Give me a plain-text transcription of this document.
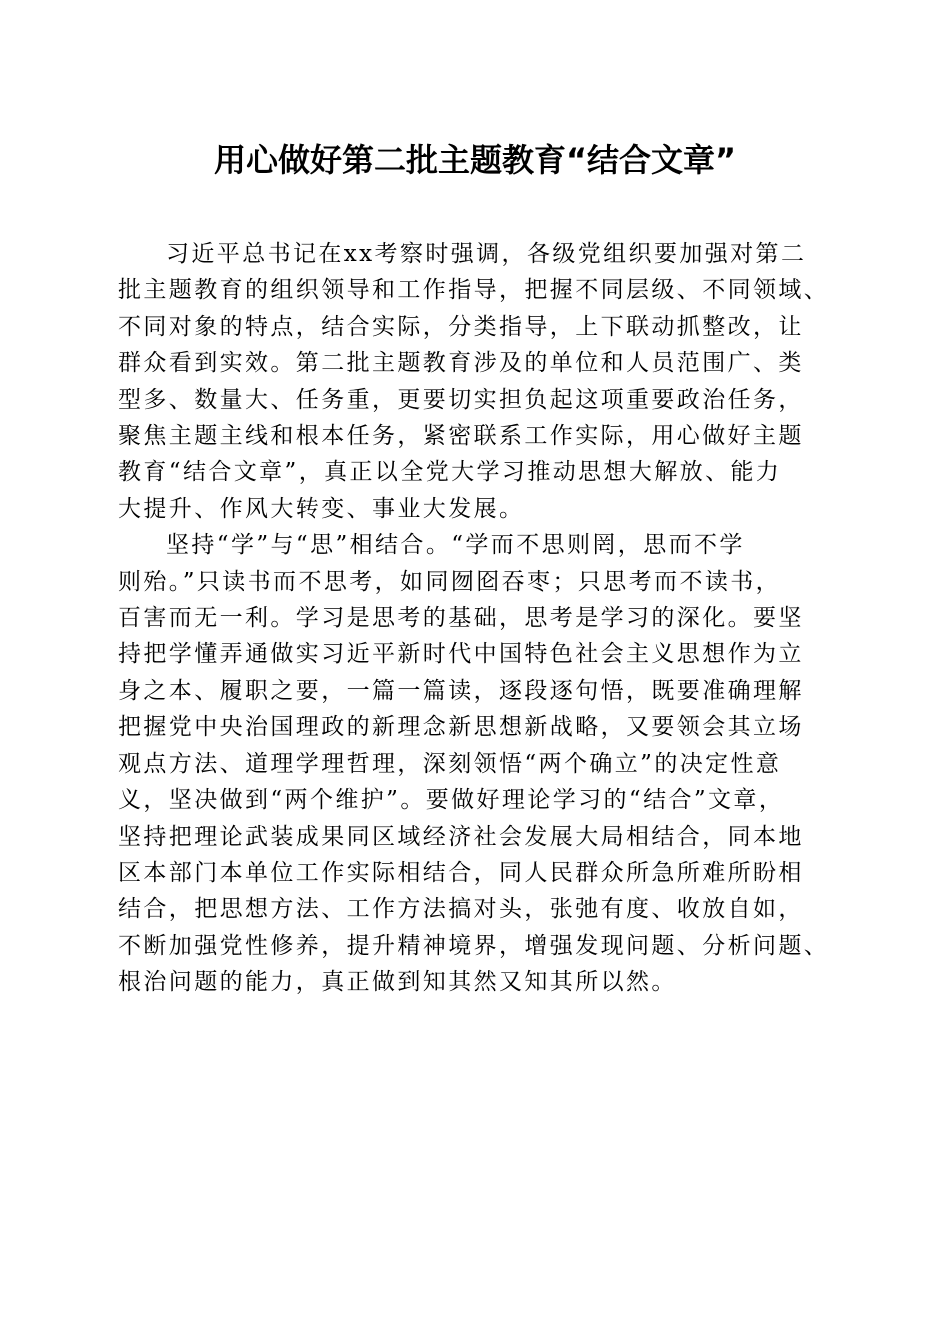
用心做好第二批主题教育“结合文章”

习近平总书记在xx考察时强调，各级党组织要加强对第二
批主题教育的组织领导和工作指导，把握不同层级、不同领域、
不同对象的特点，结合实际，分类指导，上下联动抓整改，让
群众看到实效。第二批主题教育涉及的单位和人员范围广、类
型多、数量大、任务重，更要切实担负起这项重要政治任务，
聚焦主题主线和根本任务，紧密联系工作实际，用心做好主题
教育“结合文章”，真正以全党大学习推动思想大解放、能力
大提升、作风大转变、事业大发展。

坚持“学”与“思”相结合。“学而不思则罔，思而不学
则殆。”只读书而不思考，如同囫囵吞枣；只思考而不读书，
百害而无一利。学习是思考的基础，思考是学习的深化。要坚
持把学懂弄通做实习近平新时代中国特色社会主义思想作为立
身之本、履职之要，一篇一篇读，逐段逐句悟，既要准确理解
把握党中央治国理政的新理念新思想新战略，又要领会其立场
观点方法、道理学理哲理，深刻领悟“两个确立”的决定性意
义，坚决做到“两个维护”。要做好理论学习的“结合”文章，
坚持把理论武装成果同区域经济社会发展大局相结合，同本地
区本部门本单位工作实际相结合，同人民群众所急所难所盼相
结合，把思想方法、工作方法搞对头，张弛有度、收放自如，
不断加强党性修养，提升精神境界，增强发现问题、分析问题、
根治问题的能力，真正做到知其然又知其所以然。
